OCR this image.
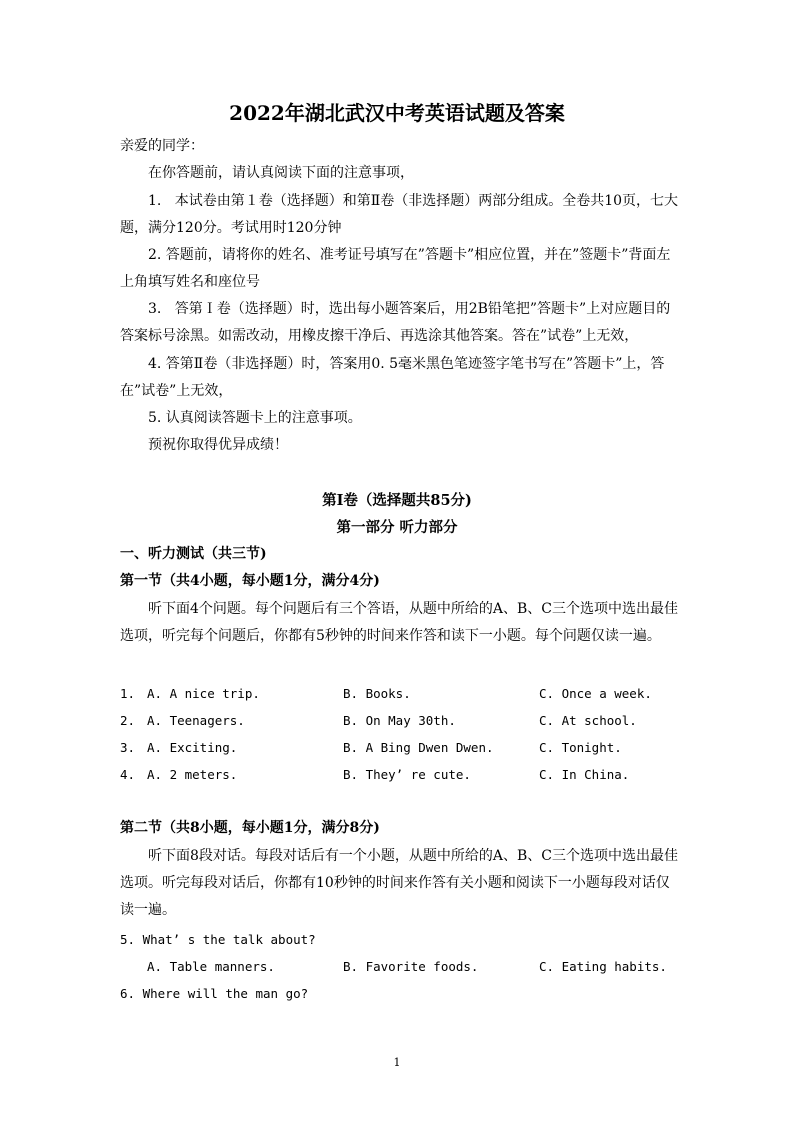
2022年湖北武汉中考英语试题及答案
亲爱的同学：
在你答题前，请认真阅读下面的注意事项，
1.   本试卷由第１卷（选择题）和第Ⅱ卷（非选择题）两部分组成。全卷共10页，七大题，满分120分。考试用时120分钟
2. 答题前，请将你的姓名、准考证号填写在”答题卡”相应位置，并在”签题卡”背面左上角填写姓名和座位号
3.   答第Ｉ卷（选择题）时，选出每小题答案后，用2B铅笔把”答题卡”上对应题目的答案标号涂黑。如需改动，用橡皮擦干净后、再选涂其他答案。答在”试卷”上无效，
4. 答第Ⅱ卷（非选择题）时，答案用0. 5毫米黑色笔迹签字笔书写在”答题卡”上，答在”试卷”上无效，
5. 认真阅读答题卡上的注意事项。
预祝你取得优异成绩！
第Ⅰ卷（选择题共85分)
第一部分 听力部分
一、听力测试（共三节)
第一节（共4小题，每小题1分，满分4分)
听下面4个问题。每个问题后有三个答语，从题中所给的A、B、C三个选项中选出最佳选项，听完每个问题后，你都有5秒钟的时间来作答和读下一小题。每个问题仅读一遍。
1. A. A nice trip.	B. Books.	C. Once a week.
2. A. Teenagers.	B. On May 30th.	C. At school.
3. A. Exciting.	B. A Bing Dwen Dwen.	C. Tonight.
4. A. 2 meters.	B. They’ re cute.	C. In China.
第二节（共8小题，每小题1分，满分8分)
听下面8段对话。每段对话后有一个小题，从题中所给的A、B、C三个选项中选出最佳选项。听完每段对话后，你都有10秒钟的时间来作答有关小题和阅读下一小题每段对话仅读一遍。
5. What’ s the talk about?
A. Table manners.	B. Favorite foods.	C. Eating habits.
6. Where will the man go?
1
